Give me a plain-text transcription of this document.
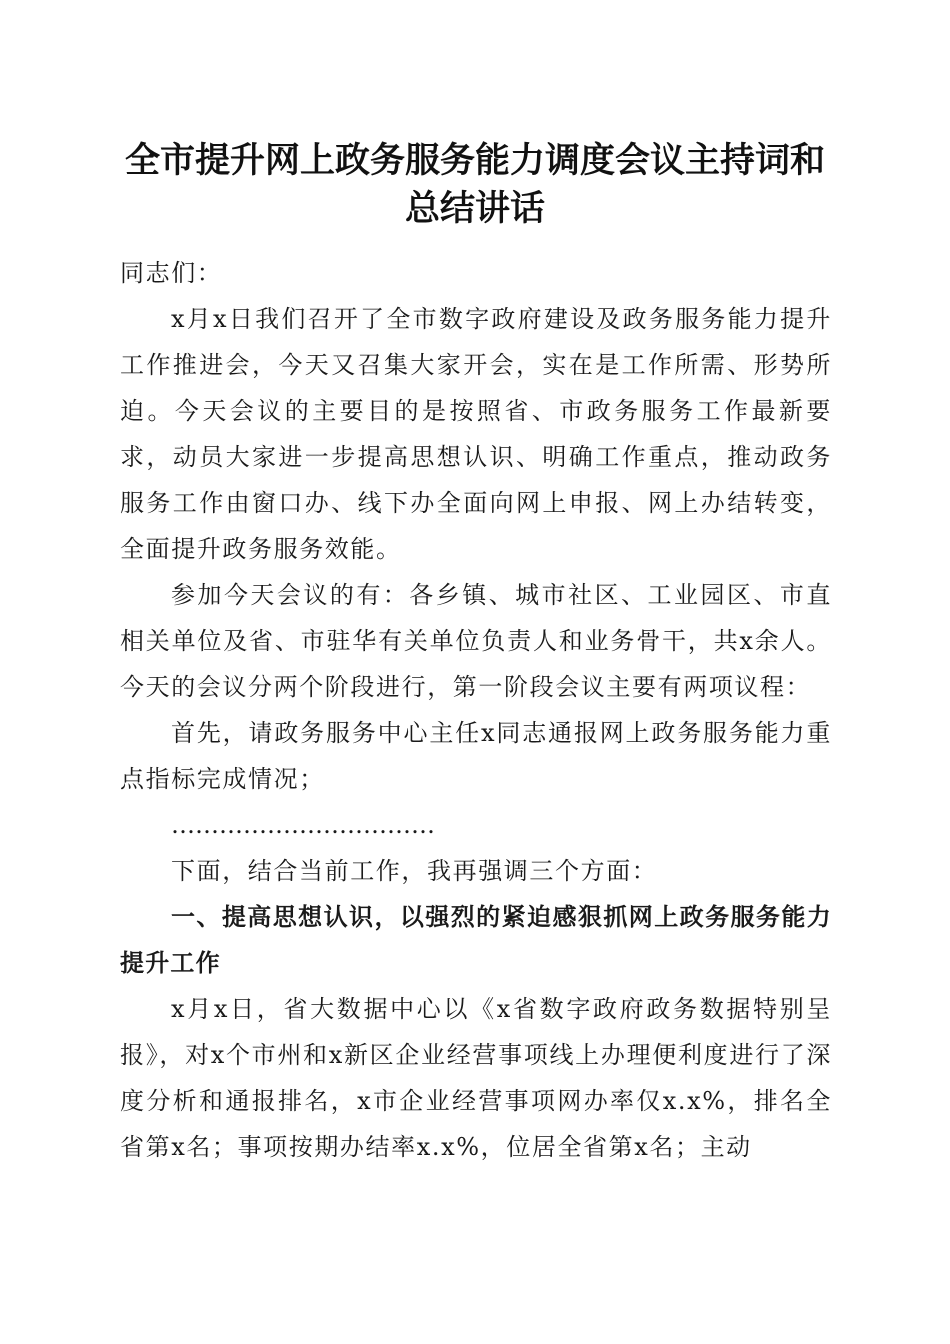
全市提升网上政务服务能力调度会议主持词和
总结讲话

同志们：

x月x日我们召开了全市数字政府建设及政务服务能力提升工作推进会，今天又召集大家开会，实在是工作所需、形势所迫。今天会议的主要目的是按照省、市政务服务工作最新要求，动员大家进一步提高思想认识、明确工作重点，推动政务服务工作由窗口办、线下办全面向网上申报、网上办结转变，全面提升政务服务效能。

参加今天会议的有：各乡镇、城市社区、工业园区、市直相关单位及省、市驻华有关单位负责人和业务骨干，共x余人。今天的会议分两个阶段进行，第一阶段会议主要有两项议程：

首先，请政务服务中心主任x同志通报网上政务服务能力重点指标完成情况；

……………………………

下面，结合当前工作，我再强调三个方面：

一、提高思想认识，以强烈的紧迫感狠抓网上政务服务能力提升工作

x月x日，省大数据中心以《x省数字政府政务数据特别呈报》，对x个市州和x新区企业经营事项线上办理便利度进行了深度分析和通报排名，x市企业经营事项网办率仅x.x%，排名全省第x名；事项按期办结率x.x%，位居全省第x名；主动
